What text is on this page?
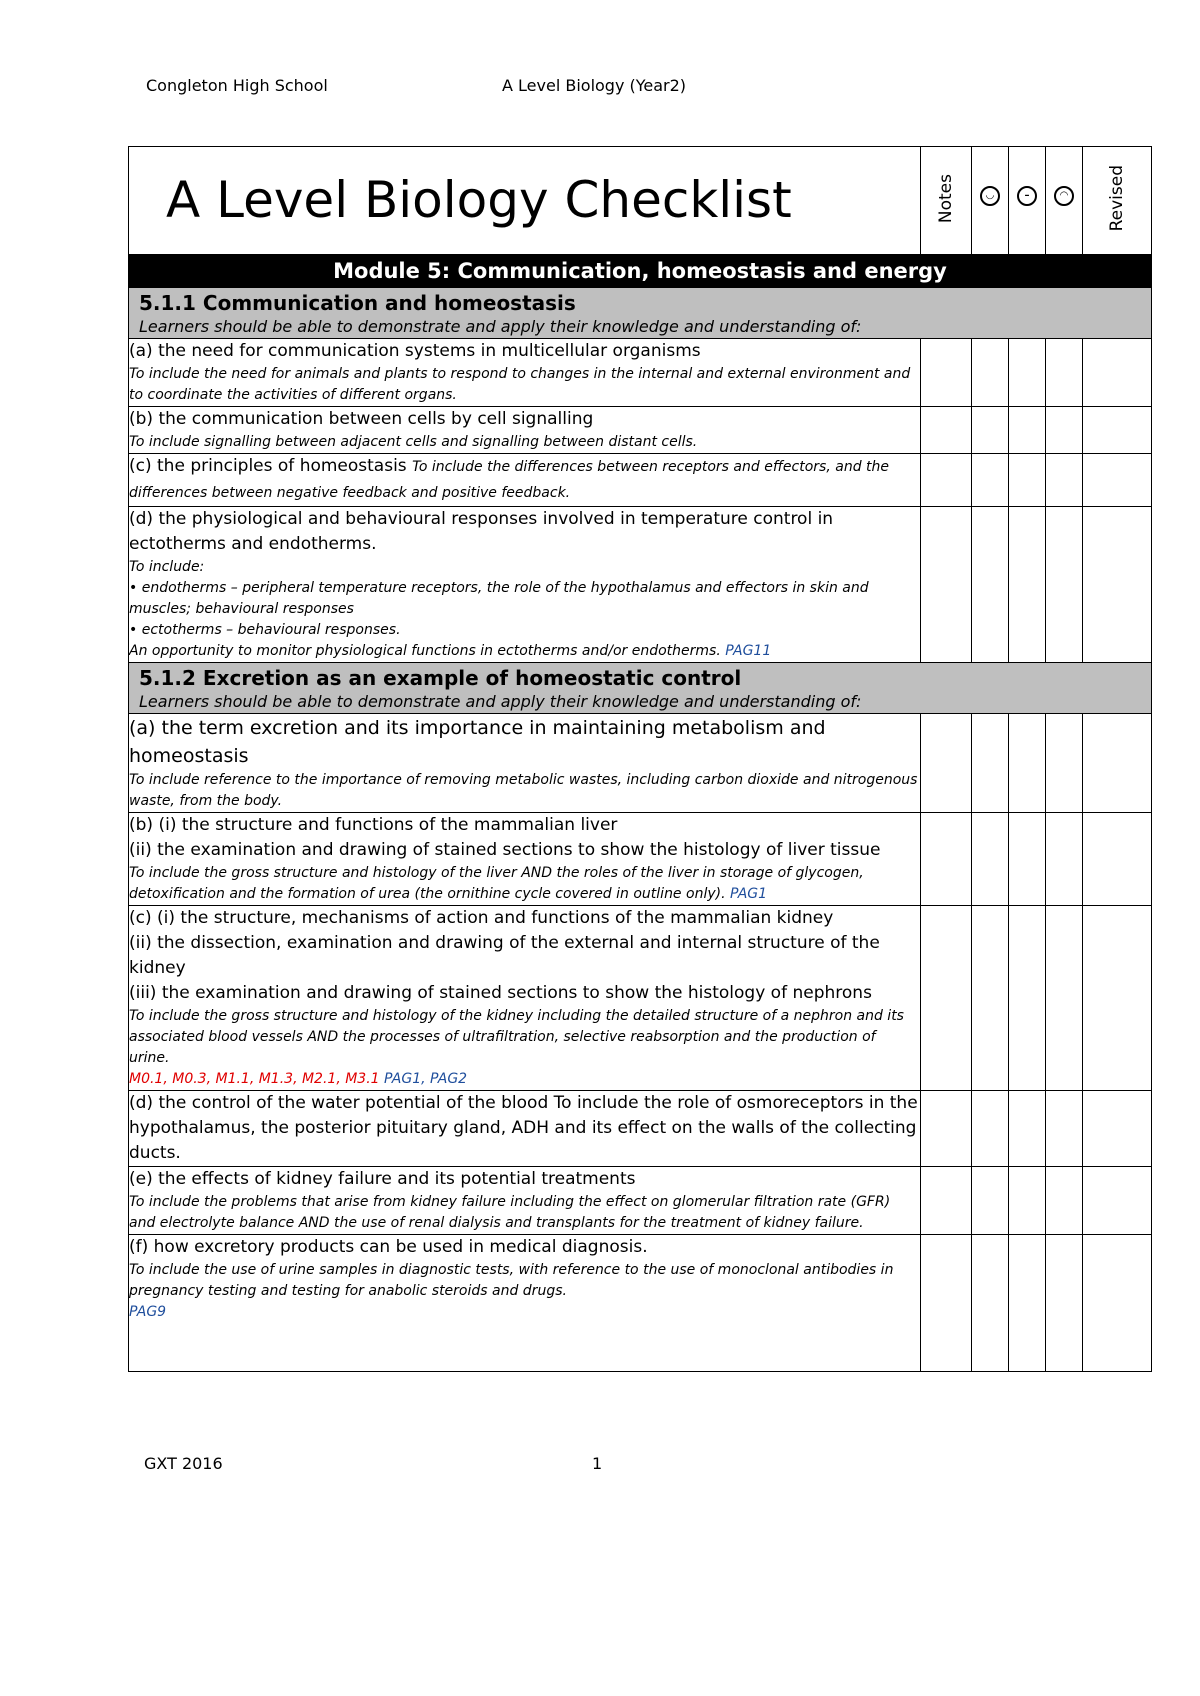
Congleton High School	A Level Biology (Year2)
A Level Biology Checklist	Notes	◡	–	◠	Revised
Module 5: Communication, homeostasis and energy					

5.1.1 Communication and homeostasis
Learners should be able to demonstrate and apply their knowledge and understanding of:					

(a) the need for communication systems in multicellular organisms
To include the need for animals and plants to respond to changes in the internal and external environment and to coordinate the activities of different organs.					

(b) the communication between cells by cell signalling
To include signalling between adjacent cells and signalling between distant cells.					

(c) the principles of homeostasis To include the differences between receptors and effectors, and the differences between negative feedback and positive feedback.					

(d) the physiological and behavioural responses involved in temperature control in ectotherms and endotherms.
To include:
• endotherms – peripheral temperature receptors, the role of the hypothalamus and effectors in skin and muscles; behavioural responses
• ectotherms – behavioural responses.
An opportunity to monitor physiological functions in ectotherms and/or endotherms. PAG11					

5.1.2 Excretion as an example of homeostatic control
Learners should be able to demonstrate and apply their knowledge and understanding of:					

(a) the term excretion and its importance in maintaining metabolism and homeostasis
To include reference to the importance of removing metabolic wastes, including carbon dioxide and nitrogenous waste, from the body.					

(b) (i) the structure and functions of the mammalian liver
(ii) the examination and drawing of stained sections to show the histology of liver tissue
To include the gross structure and histology of the liver AND the roles of the liver in storage of glycogen, detoxification and the formation of urea (the ornithine cycle covered in outline only). PAG1					

(c) (i) the structure, mechanisms of action and functions of the mammalian kidney
(ii) the dissection, examination and drawing of the external and internal structure of the kidney
(iii) the examination and drawing of stained sections to show the histology of nephrons
To include the gross structure and histology of the kidney including the detailed structure of a nephron and its associated blood vessels AND the processes of ultrafiltration, selective reabsorption and the production of urine.
M0.1, M0.3, M1.1, M1.3, M2.1, M3.1 PAG1, PAG2					

(d) the control of the water potential of the blood To include the role of osmoreceptors in the hypothalamus, the posterior pituitary gland, ADH and its effect on the walls of the collecting ducts.					

(e) the effects of kidney failure and its potential treatments
To include the problems that arise from kidney failure including the effect on glomerular filtration rate (GFR) and electrolyte balance AND the use of renal dialysis and transplants for the treatment of kidney failure.					

(f) how excretory products can be used in medical diagnosis.
To include the use of urine samples in diagnostic tests, with reference to the use of monoclonal antibodies in pregnancy testing and testing for anabolic steroids and drugs.
PAG9					

GXT 2016	1
